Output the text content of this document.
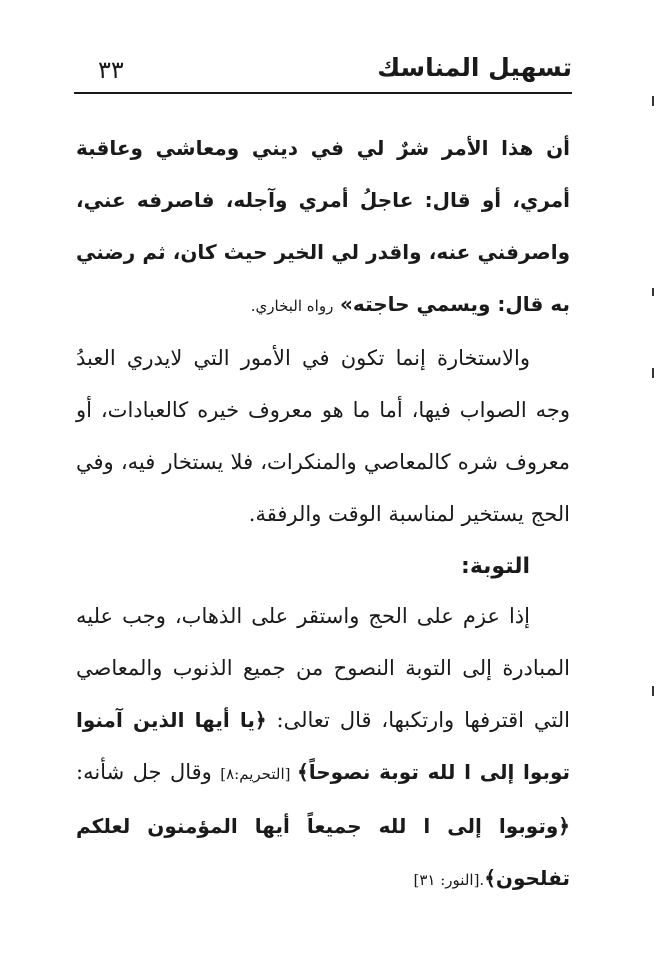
تسهيل المناسك
٣٣

أن هذا الأمر شرٌ لي في ديني ومعاشي وعاقبة أمري، أو قال: عاجلُ أمري وآجله، فاصرفه عني، واصرفني عنه، واقدر لي الخير حيث كان، ثم رضني به قال: ويسمي حاجته» رواه البخاري.

والاستخارة إنما تكون في الأمور التي لايدري العبدُ وجه الصواب فيها، أما ما هو معروف خيره كالعبادات، أو معروف شره كالمعاصي والمنكرات، فلا يستخار فيه، وفي الحج يستخير لمناسبة الوقت والرفقة.

التوبة:

إذا عزم على الحج واستقر على الذهاب، وجب عليه المبادرة إلى التوبة النصوح من جميع الذنوب والمعاصي التي اقترفها وارتكبها، قال تعالى: ﴿يا أيها الذين آمنوا توبوا إلى ا لله توبة نصوحاً﴾ [التحريم:٨] وقال جل شأنه: ﴿وتوبوا إلى ا لله جميعاً أيها المؤمنون لعلكم تفلحون﴾.[النور: ٣١]
